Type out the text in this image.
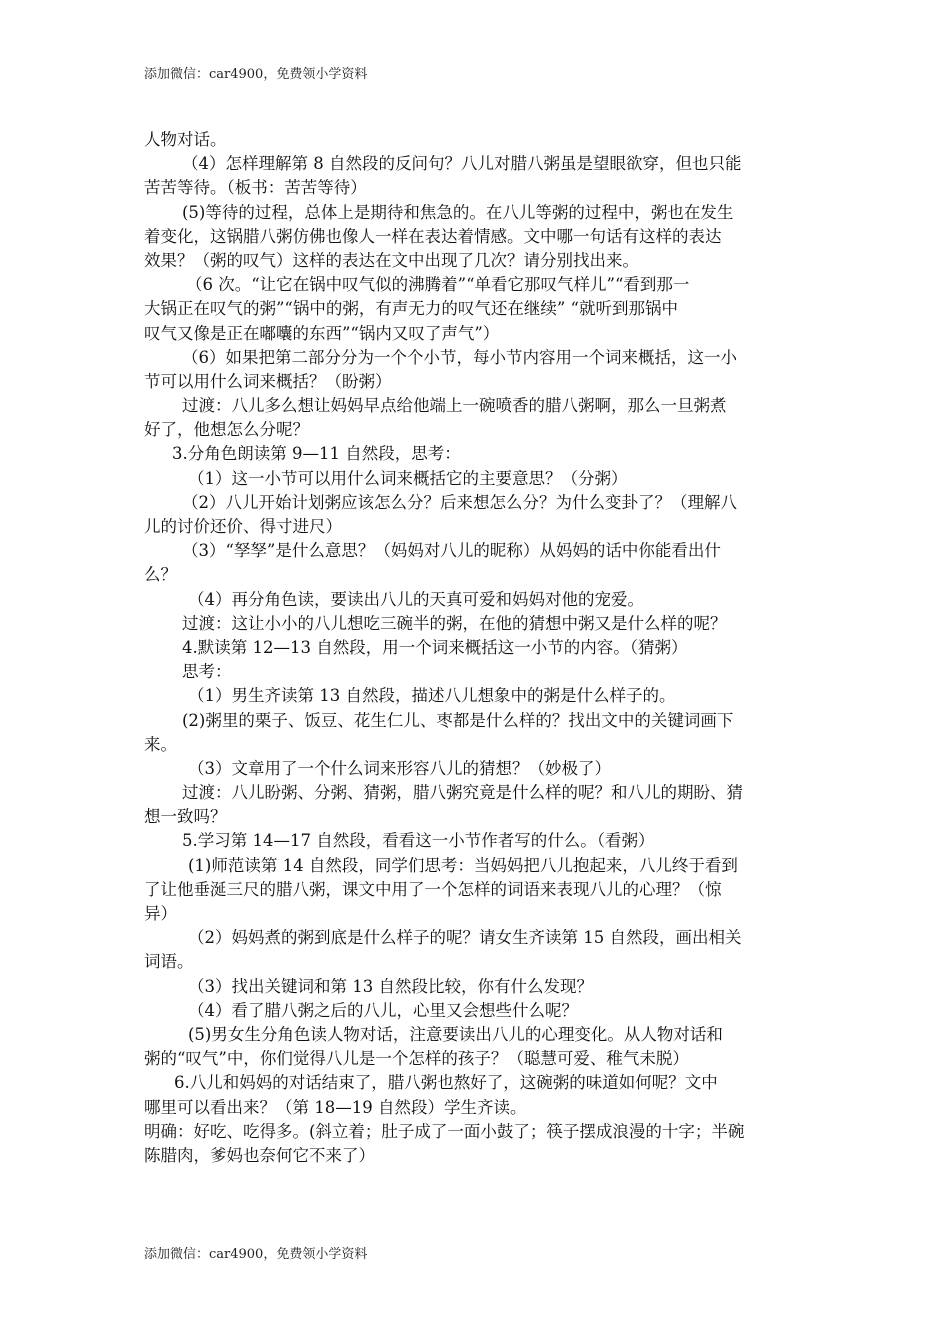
添加微信：car4900，免费领小学资料
人物对话。
（4）怎样理解第 8 自然段的反问句？八儿对腊八粥虽是望眼欲穿，但也只能
苦苦等待。（板书：苦苦等待）
(5)等待的过程，总体上是期待和焦急的。在八儿等粥的过程中，粥也在发生
着变化，这锅腊八粥仿佛也像人一样在表达着情感。文中哪一句话有这样的表达
效果？（粥的叹气）这样的表达在文中出现了几次？请分别找出来。
（6 次。“让它在锅中叹气似的沸腾着”“单看它那叹气样儿”“看到那一
大锅正在叹气的粥”“锅中的粥，有声无力的叹气还在继续” “就听到那锅中
叹气又像是正在嘟囔的东西”“锅内又叹了声气”）
（6）如果把第二部分分为一个个小节，每小节内容用一个词来概括，这一小
节可以用什么词来概括？（盼粥）
过渡：八儿多么想让妈妈早点给他端上一碗喷香的腊八粥啊，那么一旦粥煮
好了，他想怎么分呢？
3.分角色朗读第 9—11 自然段，思考：
（1）这一小节可以用什么词来概括它的主要意思？（分粥）
（2）八儿开始计划粥应该怎么分？后来想怎么分？为什么变卦了？（理解八
儿的讨价还价、得寸进尺）
（3）“孥孥”是什么意思？（妈妈对八儿的昵称）从妈妈的话中你能看出什
么？
（4）再分角色读，要读出八儿的天真可爱和妈妈对他的宠爱。
过渡：这让小小的八儿想吃三碗半的粥，在他的猜想中粥又是什么样的呢？
4.默读第 12—13 自然段，用一个词来概括这一小节的内容。（猜粥）
思考：
（1）男生齐读第 13 自然段，描述八儿想象中的粥是什么样子的。
(2)粥里的栗子、饭豆、花生仁儿、枣都是什么样的？找出文中的关键词画下
来。
（3）文章用了一个什么词来形容八儿的猜想？（妙极了）
过渡：八儿盼粥、分粥、猜粥，腊八粥究竟是什么样的呢？和八儿的期盼、猜
想一致吗？
5.学习第 14—17 自然段，看看这一小节作者写的什么。（看粥）
(1)师范读第 14 自然段，同学们思考：当妈妈把八儿抱起来，八儿终于看到
了让他垂涎三尺的腊八粥，课文中用了一个怎样的词语来表现八儿的心理？（惊
异）
（2）妈妈煮的粥到底是什么样子的呢？请女生齐读第 15 自然段，画出相关
词语。
（3）找出关键词和第 13 自然段比较，你有什么发现？
（4）看了腊八粥之后的八儿，心里又会想些什么呢？
(5)男女生分角色读人物对话，注意要读出八儿的心理变化。从人物对话和
粥的“叹气”中，你们觉得八儿是一个怎样的孩子？（聪慧可爱、稚气未脱）
6.八儿和妈妈的对话结束了，腊八粥也熬好了，这碗粥的味道如何呢？文中
哪里可以看出来？（第 18—19 自然段）学生齐读。
明确：好吃、吃得多。(斜立着；肚子成了一面小鼓了；筷子摆成浪漫的十字；半碗
陈腊肉，爹妈也奈何它不来了）
添加微信：car4900，免费领小学资料
